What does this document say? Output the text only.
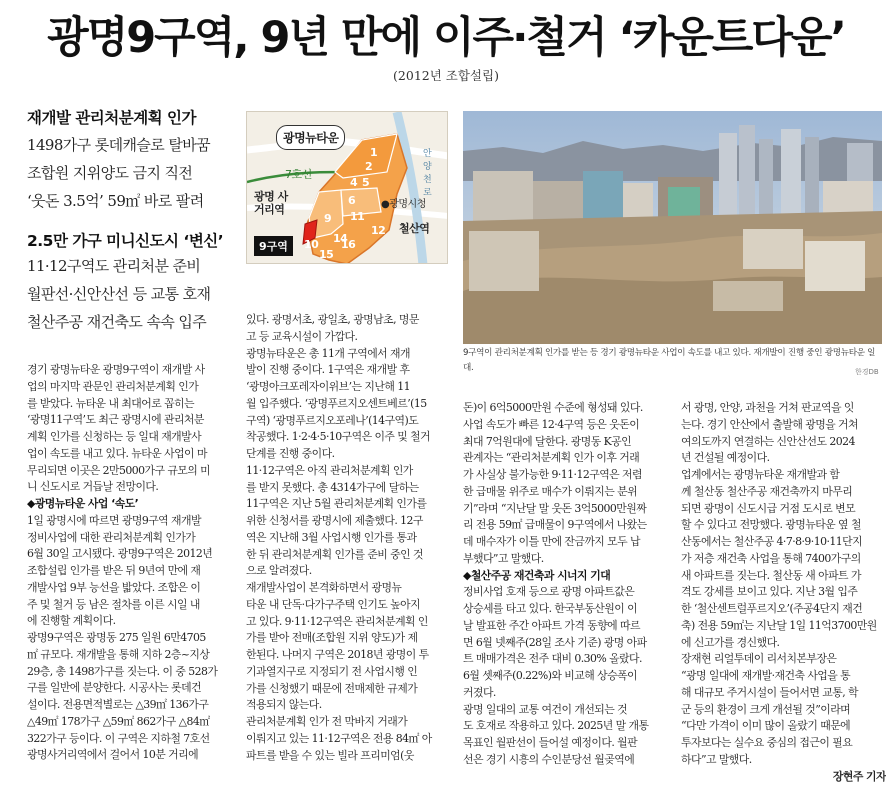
광명9구역, 9년 만에 이주·철거 ‘카운트다운’
(2012년 조합설립)
재개발 관리처분계획 인가
1498가구 롯데캐슬로 탈바꿈
조합원 지위양도 금지 직전
‘웃돈 3.5억’ 59㎡ 바로 팔려
2.5만 가구 미니신도시 ‘변신’
11·12구역도 관리처분 준비
월판선·신안산선 등 교통 호재
철산주공 재건축도 속속 입주
광명뉴타운
7호선
광명 사거리역	●광명시청
철산역
안양천로
9구역
1
2
4 5
6
11
12
9
10 14
15
16
9구역이 관리처분계획 인가를 받는 등 경기 광명뉴타운 사업이 속도를 내고 있다. 재개발이 진행 중인 광명뉴타운 일대.	한경DB
경기 광명뉴타운 광명9구역이 재개발 사
업의 마지막 관문인 관리처분계획 인가
를 받았다. 뉴타운 내 최대어로 꼽히는
‘광명11구역’도 최근 광명시에 관리처분
계획 인가를 신청하는 등 일대 재개발사
업이 속도를 내고 있다. 뉴타운 사업이 마
무리되면 이곳은 2만5000가구 규모의 미
니 신도시로 거듭날 전망이다.
◆광명뉴타운 사업 ‘속도’
1일 광명시에 따르면 광명9구역 재개발
정비사업에 대한 관리처분계획 인가가
6월 30일 고시됐다. 광명9구역은 2012년
조합설립 인가를 받은 뒤 9년여 만에 재
개발사업 9부 능선을 밟았다. 조합은 이
주 및 철거 등 남은 절차를 이른 시일 내
에 진행할 계획이다.
광명9구역은 광명동 275 일원 6만4705
㎡ 규모다. 재개발을 통해 지하 2층~지상
29층, 총 1498가구를 짓는다. 이 중 528가
구를 일반에 분양한다. 시공사는 롯데건
설이다. 전용면적별로는 △39㎡ 136가구
△49㎡ 178가구 △59㎡ 862가구 △84㎡
322가구 등이다. 이 구역은 지하철 7호선
광명사거리역에서 걸어서 10분 거리에
있다. 광명서초, 광일초, 광명남초, 명문
고 등 교육시설이 가깝다.
광명뉴타운은 총 11개 구역에서 재개
발이 진행 중이다. 1구역은 재개발 후
‘광명아크포레자이위브’는 지난해 11
월 입주했다. ‘광명푸르지오센트베르’(15
구역) ‘광명푸르지오포레나’(14구역)도
착공했다. 1·2·4·5·10구역은 이주 및 철거
단계를 진행 중이다.
11·12구역은 아직 관리처분계획 인가
를 받지 못했다. 총 4314가구에 달하는
11구역은 지난 5월 관리처분계획 인가를
위한 신청서를 광명시에 제출했다. 12구
역은 지난해 3월 사업시행 인가를 통과
한 뒤 관리처분계획 인가를 준비 중인 것
으로 알려졌다.
재개발사업이 본격화하면서 광명뉴
타운 내 단독·다가구주택 인기도 높아지
고 있다. 9·11·12구역은 관리처분계획 인
가를 받아 전매(조합원 지위 양도)가 제
한된다. 나머지 구역은 2018년 광명이 투
기과열지구로 지정되기 전 사업시행 인
가를 신청했기 때문에 전매제한 규제가
적용되지 않는다.
관리처분계획 인가 전 막바지 거래가
이뤄지고 있는 11·12구역은 전용 84㎡ 아
파트를 받을 수 있는 빌라 프리미엄(웃
돈)이 6억5000만원 수준에 형성돼 있다.
사업 속도가 빠른 12·4구역 등은 웃돈이
최대 7억원대에 달한다. 광명동 K공인
관계자는 “관리처분계획 인가 이후 거래
가 사실상 불가능한 9·11·12구역은 저렴
한 급매물 위주로 매수가 이뤄지는 분위
기”라며 “지난달 말 웃돈 3억5000만원짜
리 전용 59㎡ 급매물이 9구역에서 나왔는
데 매수자가 이틀 만에 잔금까지 모두 납
부했다”고 말했다.
◆철산주공 재건축과 시너지 기대
정비사업 호재 등으로 광명 아파트값은
상승세를 타고 있다. 한국부동산원이 이
날 발표한 주간 아파트 가격 동향에 따르
면 6월 넷째주(28일 조사 기준) 광명 아파
트 매매가격은 전주 대비 0.30% 올랐다.
6월 셋째주(0.22%)와 비교해 상승폭이
커졌다.
광명 일대의 교통 여건이 개선되는 것
도 호재로 작용하고 있다. 2025년 말 개통
목표인 월판선이 들어설 예정이다. 월판
선은 경기 시흥의 수인분당선 월곶역에
서 광명, 안양, 과천을 거쳐 판교역을 잇
는다. 경기 안산에서 출발해 광명을 거쳐
여의도까지 연결하는 신안산선도 2024
년 건설될 예정이다.
업계에서는 광명뉴타운 재개발과 함
께 철산동 철산주공 재건축까지 마무리
되면 광명이 신도시급 거점 도시로 변모
할 수 있다고 전망했다. 광명뉴타운 옆 철
산동에서는 철산주공 4·7·8·9·10·11단지
가 저층 재건축 사업을 통해 7400가구의
새 아파트를 짓는다. 철산동 새 아파트 가
격도 강세를 보이고 있다. 지난 3월 입주
한 ‘철산센트럴푸르지오’(주공4단지 재건
축) 전용 59㎡는 지난달 1일 11억3700만원
에 신고가를 경신했다.
장재현 리얼투데이 리서치본부장은
“광명 일대에 재개발·재건축 사업을 통
해 대규모 주거시설이 들어서면 교통, 학
군 등의 환경이 크게 개선될 것”이라며
“다만 가격이 이미 많이 올랐기 때문에
투자보다는 실수요 중심의 접근이 필요
하다”고 말했다.
장현주 기자
